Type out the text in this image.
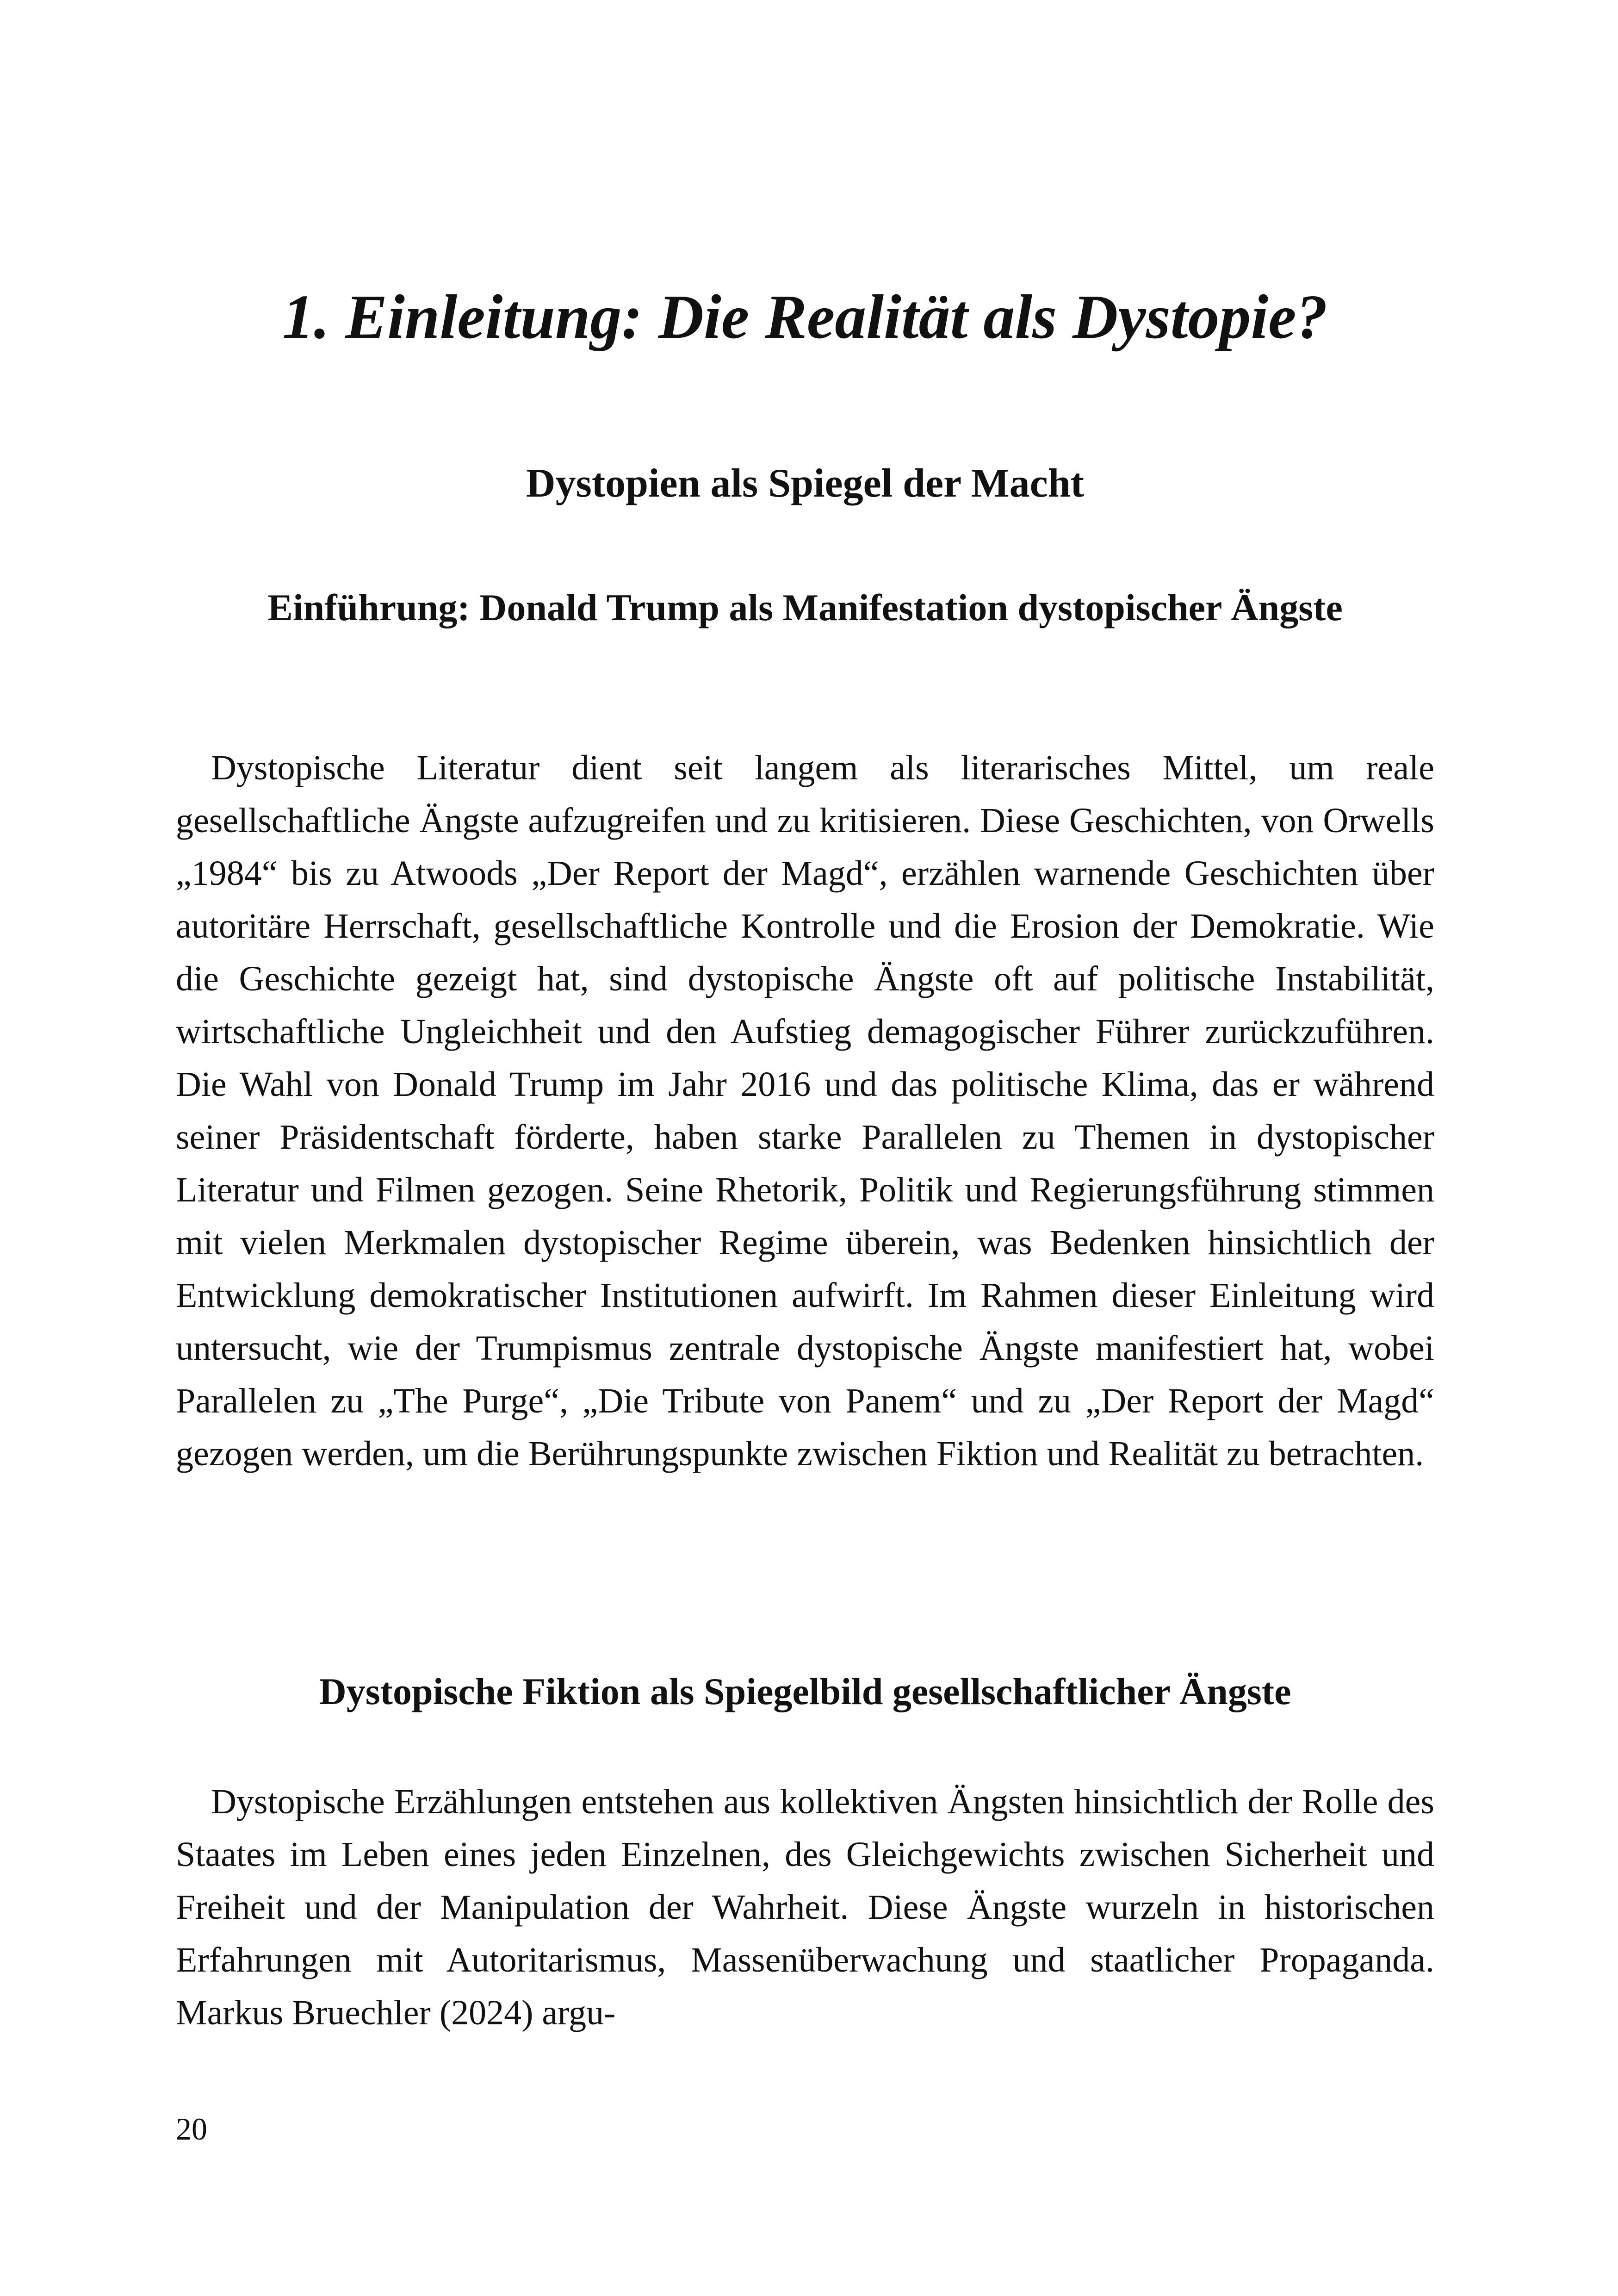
1. Einleitung: Die Realität als Dystopie?
Dystopien als Spiegel der Macht
Einführung: Donald Trump als Manifestation dystopischer Ängste

Dystopische Literatur dient seit langem als literarisches Mittel, um reale gesellschaftliche Ängste aufzugreifen und zu kritisieren. Diese Geschichten, von Orwells „1984“ bis zu Atwoods „Der Report der Magd“, erzählen warnende Geschichten über autoritäre Herrschaft, gesellschaftliche Kontrolle und die Erosion der Demokratie. Wie die Geschichte gezeigt hat, sind dystopische Ängste oft auf politische Instabilität, wirtschaftliche Ungleichheit und den Aufstieg demagogischer Führer zurückzuführen. Die Wahl von Donald Trump im Jahr 2016 und das politische Klima, das er während seiner Präsidentschaft förderte, haben starke Parallelen zu Themen in dystopischer Literatur und Filmen gezogen. Seine Rhetorik, Politik und Regierungsführung stimmen mit vielen Merkmalen dystopischer Regime überein, was Bedenken hinsichtlich der Entwicklung demokratischer Institutionen aufwirft. Im Rahmen dieser Einleitung wird untersucht, wie der Trumpismus zentrale dystopische Ängste manifestiert hat, wobei Parallelen zu „The Purge“, „Die Tribute von Panem“ und zu „Der Report der Magd“ gezogen werden, um die Berührungspunkte zwischen Fiktion und Realität zu betrachten.

Dystopische Fiktion als Spiegelbild gesellschaftlicher Ängste

Dystopische Erzählungen entstehen aus kollektiven Ängsten hinsichtlich der Rolle des Staates im Leben eines jeden Einzelnen, des Gleichgewichts zwischen Sicherheit und Freiheit und der Manipulation der Wahrheit. Diese Ängste wurzeln in historischen Erfahrungen mit Autoritarismus, Massenüberwachung und staatlicher Propaganda. Markus Bruechler (2024) argu-

20
